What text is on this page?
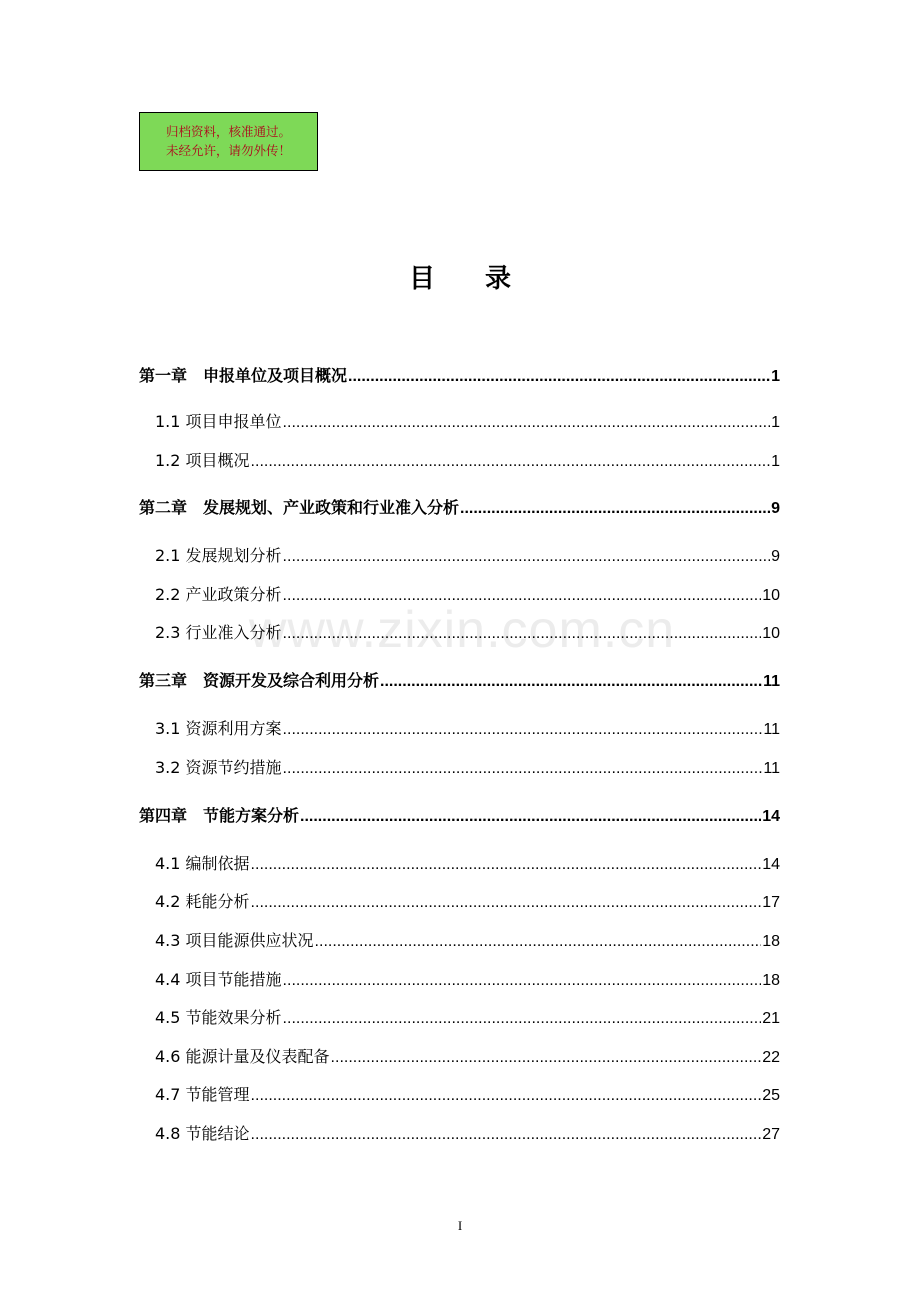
归档资料，核准通过。
未经允许，请勿外传！
www.zixin.com.cn
目 录
第一章　申报单位及项目概况 .....	1
1.1 项目申报单位 .....	1
1.2 项目概况 .....	1
第二章　发展规划、产业政策和行业准入分析 .....	9
2.1 发展规划分析 .....	9
2.2 产业政策分析 .....	10
2.3 行业准入分析 .....	10
第三章　资源开发及综合利用分析 .....	11
3.1 资源利用方案 .....	11
3.2 资源节约措施 .....	11
第四章　节能方案分析 .....	14
4.1 编制依据 .....	14
4.2 耗能分析 .....	17
4.3 项目能源供应状况 .....	18
4.4 项目节能措施 .....	18
4.5 节能效果分析 .....	21
4.6 能源计量及仪表配备 .....	22
4.7 节能管理 .....	25
4.8 节能结论 .....	27
I
